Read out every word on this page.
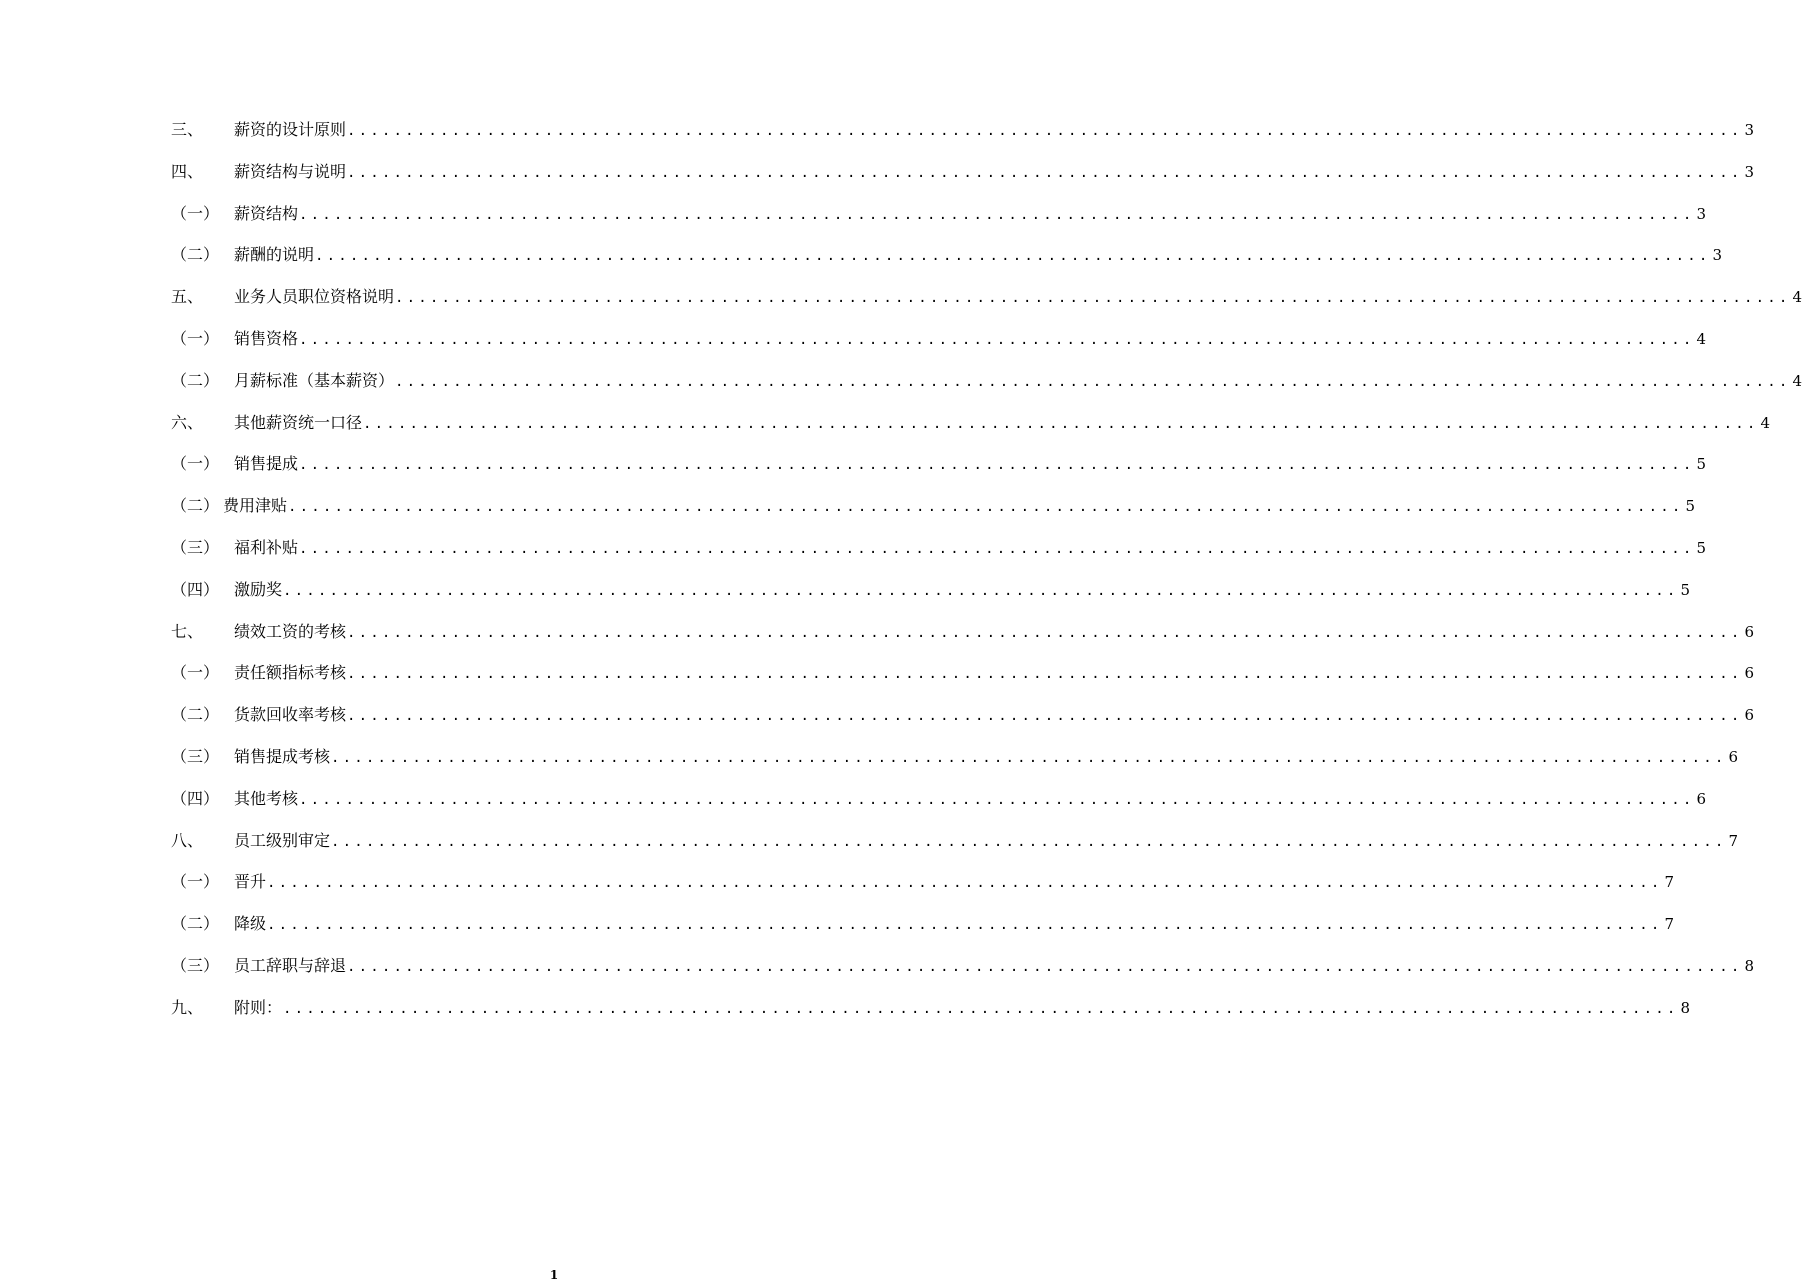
三、 薪资的设计原则 ........................................................................................................................ 3
四、 薪资结构与说明 ........................................................................................................................ 3
（一） 薪资结构 ........................................................................................................................ 3
（二） 薪酬的说明 ........................................................................................................................ 3
五、 业务人员职位资格说明 ........................................................................................................................ 4
（一） 销售资格 ........................................................................................................................ 4
（二） 月薪标准（基本薪资） ........................................................................................................................ 4
六、 其他薪资统一口径 ........................................................................................................................ 4
（一） 销售提成 ........................................................................................................................ 5
（二） 费用津贴 ........................................................................................................................ 5
（三） 福利补贴 ........................................................................................................................ 5
（四） 激励奖 ........................................................................................................................ 5
七、 绩效工资的考核 ........................................................................................................................ 6
（一） 责任额指标考核 ........................................................................................................................ 6
（二） 货款回收率考核 ........................................................................................................................ 6
（三） 销售提成考核 ........................................................................................................................ 6
（四） 其他考核 ........................................................................................................................ 6
八、 员工级别审定 ........................................................................................................................ 7
（一） 晋升 ........................................................................................................................ 7
（二） 降级 ........................................................................................................................ 7
（三） 员工辞职与辞退 ........................................................................................................................ 8
九、 附则： ........................................................................................................................ 8
1
